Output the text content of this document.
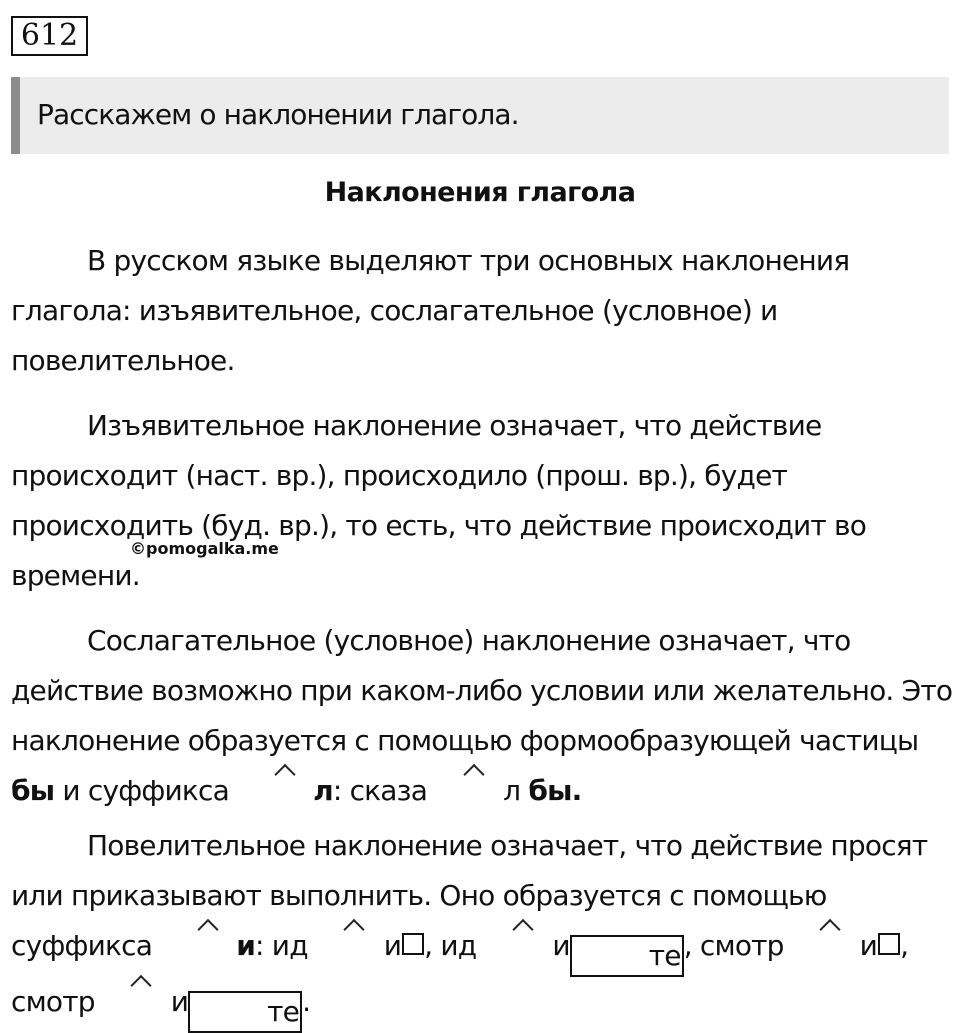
612
Расскажем о наклонении глагола.
Наклонения глагола

В русском языке выделяют три основных наклонения глагола: изъявительное, сослагательное (условное) и повелительное.

Изъявительное наклонение означает, что действие происходит (наст. вр.), происходило (прош. вр.), будет происходить (буд. вр.), то есть, что действие происходит во времени.

Сослагательное (условное) наклонение означает, что действие возможно при каком-либо условии или желательно. Это наклонение образуется с помощью формообразующей частицы бы и суффикса	л: сказа	л бы.

Повелительное наклонение означает, что действие просят или приказывают выполнить. Оно образуется с помощью суффикса	и: ид	и , ид	и	те , смотр	и , смотр	и	те .

©pomogalka.me
